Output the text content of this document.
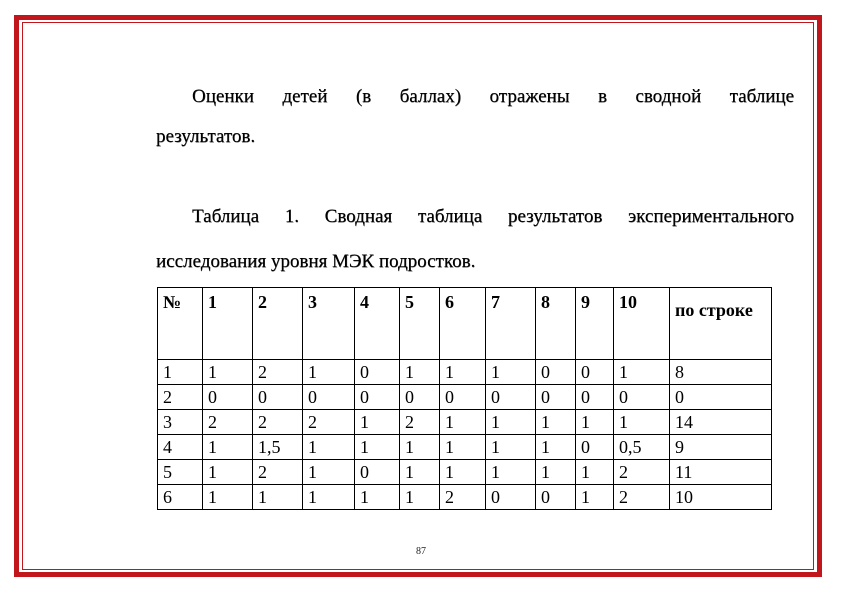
Оценки детей (в баллах) отражены в сводной таблице
результатов.
Таблица 1. Сводная таблица результатов экспериментального
исследования уровня МЭК подростков.
№	1	2	3	4	5	6	7	8	9	10	по строке
1	1	2	1	0	1	1	1	0	0	1	8
2	0	0	0	0	0	0	0	0	0	0	0
3	2	2	2	1	2	1	1	1	1	1	14
4	1	1,5	1	1	1	1	1	1	0	0,5	9
5	1	2	1	0	1	1	1	1	1	2	11
6	1	1	1	1	1	2	0	0	1	2	10
87
